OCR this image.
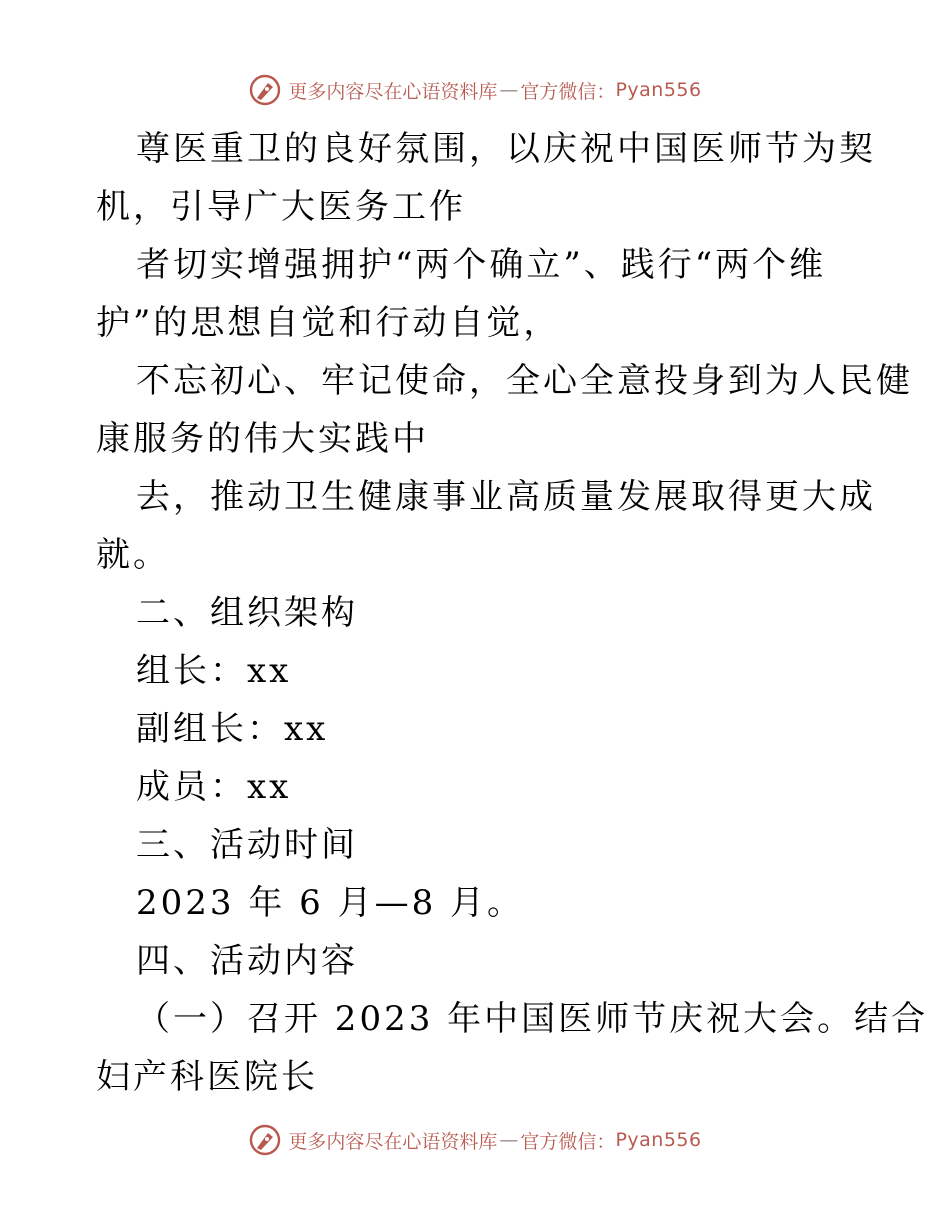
更多内容尽在心语资料库 — 官方微信： Pyan556
尊医重卫的良好氛围，以庆祝中国医师节为契
机，引导广大医务工作
者切实增强拥护“两个确立”、践行“两个维
护”的思想自觉和行动自觉，
不忘初心、牢记使命，全心全意投身到为人民健
康服务的伟大实践中
去，推动卫生健康事业高质量发展取得更大成
就。
二、组织架构
组长：xx
副组长：xx
成员：xx
三、活动时间
2023 年 6 月—8 月。
四、活动内容
（一）召开 2023 年中国医师节庆祝大会。结合
妇产科医院长
更多内容尽在心语资料库 — 官方微信： Pyan556
